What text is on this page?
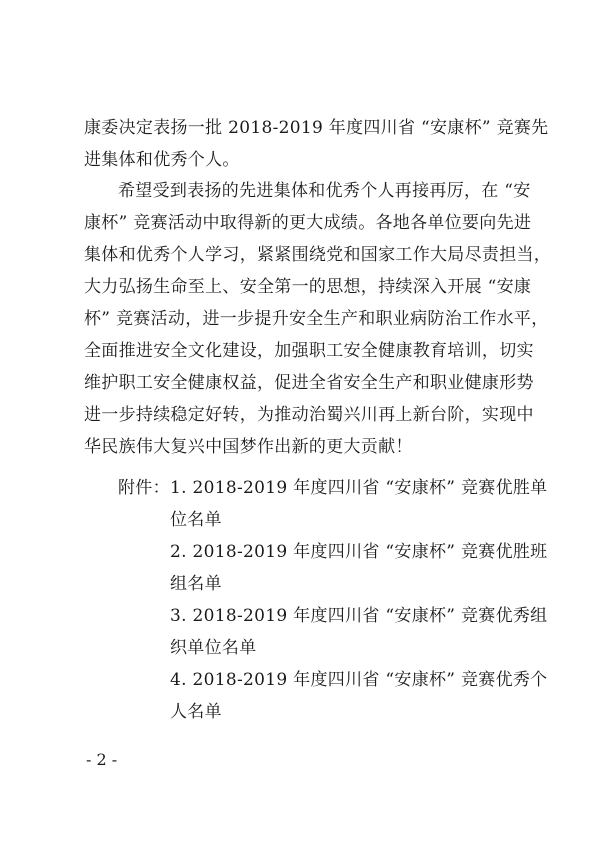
康委决定表扬一批 2018-2019 年度四川省 “安康杯” 竞赛先
进集体和优秀个人。

希望受到表扬的先进集体和优秀个人再接再厉，在 “安
康杯” 竞赛活动中取得新的更大成绩。各地各单位要向先进
集体和优秀个人学习，紧紧围绕党和国家工作大局尽责担当，
大力弘扬生命至上、安全第一的思想，持续深入开展 “安康
杯” 竞赛活动，进一步提升安全生产和职业病防治工作水平，
全面推进安全文化建设，加强职工安全健康教育培训，切实
维护职工安全健康权益，促进全省安全生产和职业健康形势
进一步持续稳定好转，为推动治蜀兴川再上新台阶，实现中
华民族伟大复兴中国梦作出新的更大贡献！

附件： 1. 2018-2019 年度四川省 “安康杯” 竞赛优胜单
位名单
2. 2018-2019 年度四川省 “安康杯” 竞赛优胜班
组名单
3. 2018-2019 年度四川省 “安康杯” 竞赛优秀组
织单位名单
4. 2018-2019 年度四川省 “安康杯” 竞赛优秀个
人名单
- 2 -
